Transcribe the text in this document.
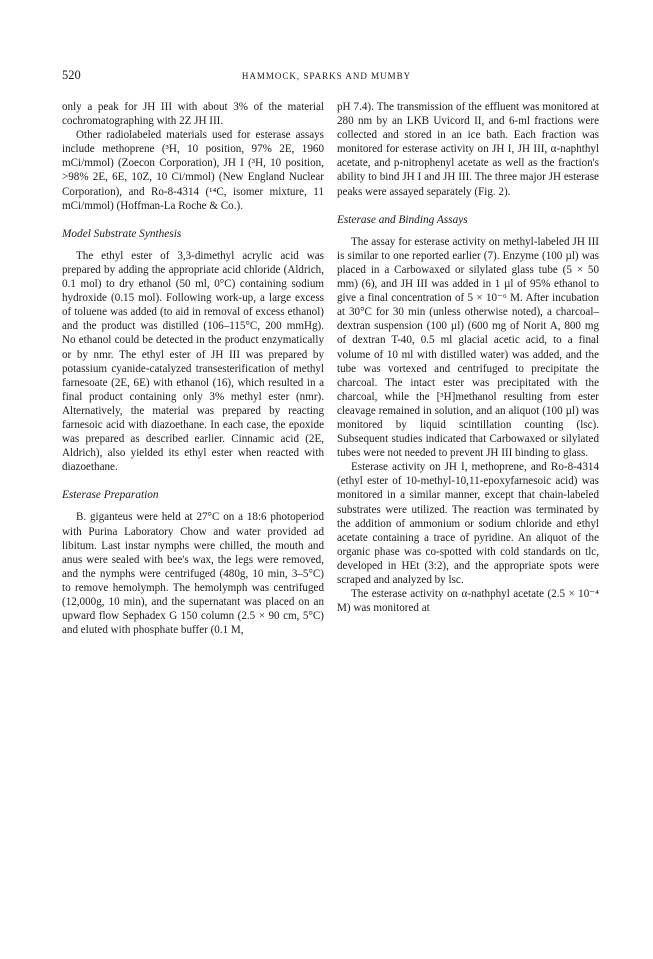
520	HAMMOCK, SPARKS AND MUMBY

only a peak for JH III with about 3% of the material cochromatographing with 2Z JH III.

Other radiolabeled materials used for esterase assays include methoprene (³H, 10 position, 97% 2E, 1960 mCi/mmol) (Zoecon Corporation), JH I (³H, 10 position, >98% 2E, 6E, 10Z, 10 Ci/mmol) (New England Nuclear Corporation), and Ro-8-4314 (¹⁴C, isomer mixture, 11 mCi/mmol) (Hoffman-La Roche & Co.).

Model Substrate Synthesis

The ethyl ester of 3,3-dimethyl acrylic acid was prepared by adding the appropriate acid chloride (Aldrich, 0.1 mol) to dry ethanol (50 ml, 0°C) containing sodium hydroxide (0.15 mol). Following work-up, a large excess of toluene was added (to aid in removal of excess ethanol) and the product was distilled (106–115°C, 200 mmHg). No ethanol could be detected in the product enzymatically or by nmr. The ethyl ester of JH III was prepared by potassium cyanide-catalyzed transesterification of methyl farnesoate (2E, 6E) with ethanol (16), which resulted in a final product containing only 3% methyl ester (nmr). Alternatively, the material was prepared by reacting farnesoic acid with diazoethane. In each case, the epoxide was prepared as described earlier. Cinnamic acid (2E, Aldrich), also yielded its ethyl ester when reacted with diazoethane.

Esterase Preparation

B. giganteus were held at 27°C on a 18:6 photoperiod with Purina Laboratory Chow and water provided ad libitum. Last instar nymphs were chilled, the mouth and anus were sealed with bee's wax, the legs were removed, and the nymphs were centrifuged (480g, 10 min, 3–5°C) to remove hemolymph. The hemolymph was centrifuged (12,000g, 10 min), and the supernatant was placed on an upward flow Sephadex G 150 column (2.5 × 90 cm, 5°C) and eluted with phosphate buffer (0.1 M,

pH 7.4). The transmission of the effluent was monitored at 280 nm by an LKB Uvicord II, and 6-ml fractions were collected and stored in an ice bath. Each fraction was monitored for esterase activity on JH I, JH III, α-naphthyl acetate, and p-nitrophenyl acetate as well as the fraction's ability to bind JH I and JH III. The three major JH esterase peaks were assayed separately (Fig. 2).

Esterase and Binding Assays

The assay for esterase activity on methyl-labeled JH III is similar to one reported earlier (7). Enzyme (100 µl) was placed in a Carbowaxed or silylated glass tube (5 × 50 mm) (6), and JH III was added in 1 µl of 95% ethanol to give a final concentration of 5 × 10⁻⁶ M. After incubation at 30°C for 30 min (unless otherwise noted), a charcoal–dextran suspension (100 µl) (600 mg of Norit A, 800 mg of dextran T-40, 0.5 ml glacial acetic acid, to a final volume of 10 ml with distilled water) was added, and the tube was vortexed and centrifuged to precipitate the charcoal. The intact ester was precipitated with the charcoal, while the [³H]methanol resulting from ester cleavage remained in solution, and an aliquot (100 µl) was monitored by liquid scintillation counting (lsc). Subsequent studies indicated that Carbowaxed or silylated tubes were not needed to prevent JH III binding to glass.

Esterase activity on JH I, methoprene, and Ro-8-4314 (ethyl ester of 10-methyl-10,11-epoxyfarnesoic acid) was monitored in a similar manner, except that chain-labeled substrates were utilized. The reaction was terminated by the addition of ammonium or sodium chloride and ethyl acetate containing a trace of pyridine. An aliquot of the organic phase was co-spotted with cold standards on tlc, developed in HEt (3:2), and the appropriate spots were scraped and analyzed by lsc.

The esterase activity on α-nathphyl acetate (2.5 × 10⁻⁴ M) was monitored at
